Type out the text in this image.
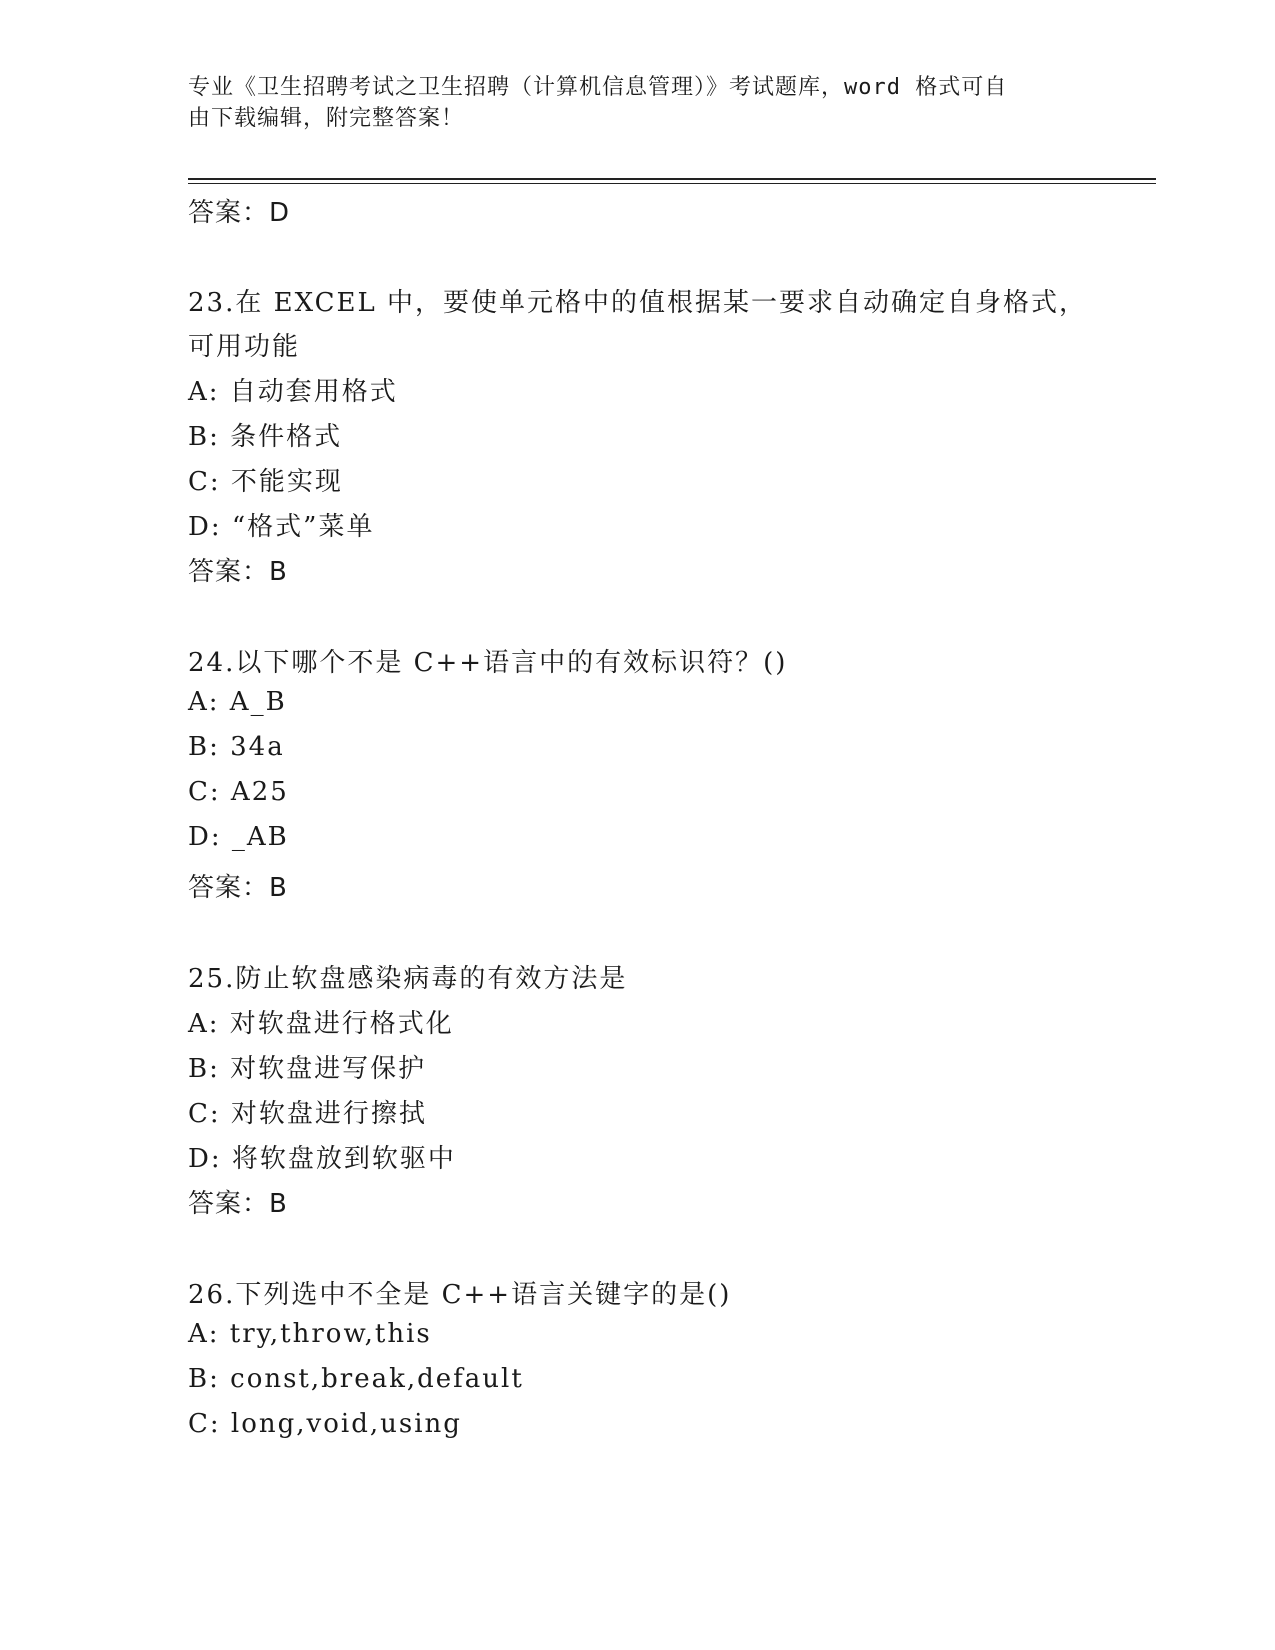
专业《卫生招聘考试之卫生招聘（计算机信息管理）》考试题库，word 格式可自
由下载编辑，附完整答案！
答案：D
23.在 EXCEL 中，要使单元格中的值根据某一要求自动确定自身格式，
可用功能
A: 自动套用格式
B: 条件格式
C: 不能实现
D: “格式”菜单
答案：B
24.以下哪个不是 C++语言中的有效标识符？()
A: A_B
B: 34a
C: A25
D: _AB
答案：B
25.防止软盘感染病毒的有效方法是
A: 对软盘进行格式化
B: 对软盘进写保护
C: 对软盘进行擦拭
D: 将软盘放到软驱中
答案：B
26.下列选中不全是 C++语言关键字的是()
A: try,throw,this
B: const,break,default
C: long,void,using
